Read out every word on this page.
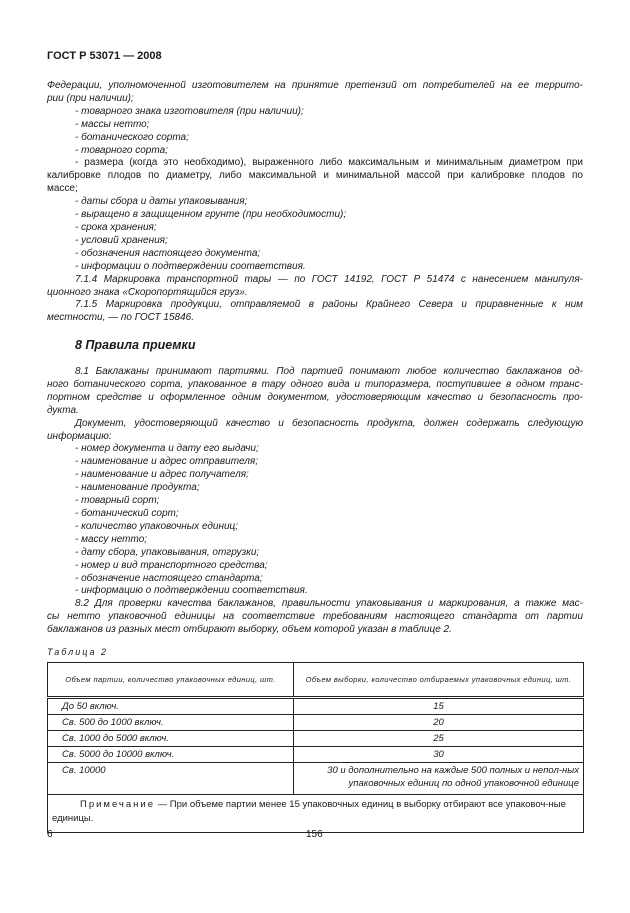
ГОСТ Р 53071 — 2008
Федерации, уполномоченной изготовителем на принятие претензий от потребителей на ее террито-
рии (при наличии);
- товарного знака изготовителя (при наличии);
- массы нетто;
- ботанического сорта;
- товарного сорта;
- размера (когда это необходимо), выраженного либо максимальным и минимальным диаметром при
калибровке плодов по диаметру, либо максимальной и минимальной массой при калибровке плодов по
массе;
- даты сбора и даты упаковывания;
- выращено в защищенном грунте (при необходимости);
- срока хранения;
- условий хранения;
- обозначения настоящего документа;
- информации о подтверждении соответствия.
7.1.4 Маркировка транспортной тары — по ГОСТ 14192, ГОСТ Р 51474 с нанесением манипуля-
ционного знака «Скоропортящийся груз».
7.1.5 Маркировка продукции, отправляемой в районы Крайнего Севера и приравненные к ним
местности, — по ГОСТ 15846.
8 Правила приемки
8.1 Баклажаны принимают партиями. Под партией понимают любое количество баклажанов од-
ного ботанического сорта, упакованное в тару одного вида и типоразмера, поступившее в одном транс-
портном средстве и оформленное одним документом, удостоверяющим качество и безопасность про-
дукта.
Документ, удостоверяющий качество и безопасность продукта, должен содержать следующую
информацию:
- номер документа и дату его выдачи;
- наименование и адрес отправителя;
- наименование и адрес получателя;
- наименование продукта;
- товарный сорт;
- ботанический сорт;
- количество упаковочных единиц;
- массу нетто;
- дату сбора, упаковывания, отгрузки;
- номер и вид транспортного средства;
- обозначение настоящего стандарта;
- информацию о подтверждении соответствия.
8.2 Для проверки качества баклажанов, правильности упаковывания и маркирования, а также мас-
сы нетто упаковочной единицы на соответствие требованиям настоящего стандарта от партии
баклажанов из разных мест отбирают выборку, объем которой указан в таблице 2.
Таблица 2
Объем партии, количество упаковочных единиц, шт.	Объем выборки, количество отбираемых упаковочных единиц, шт.
До 50 включ.	15
Св. 500 до 1000 включ.	20
Св. 1000 до 5000 включ.	25
Св. 5000 до 10000 включ.	30
Св. 10000	30 и дополнительно на каждые 500 полных и непол-ных упаковочных единиц по одной упаковочной единице
Примечание — При объеме партии менее 15 упаковочных единиц в выборку отбирают все упаковоч-ные единицы.	
6	156
